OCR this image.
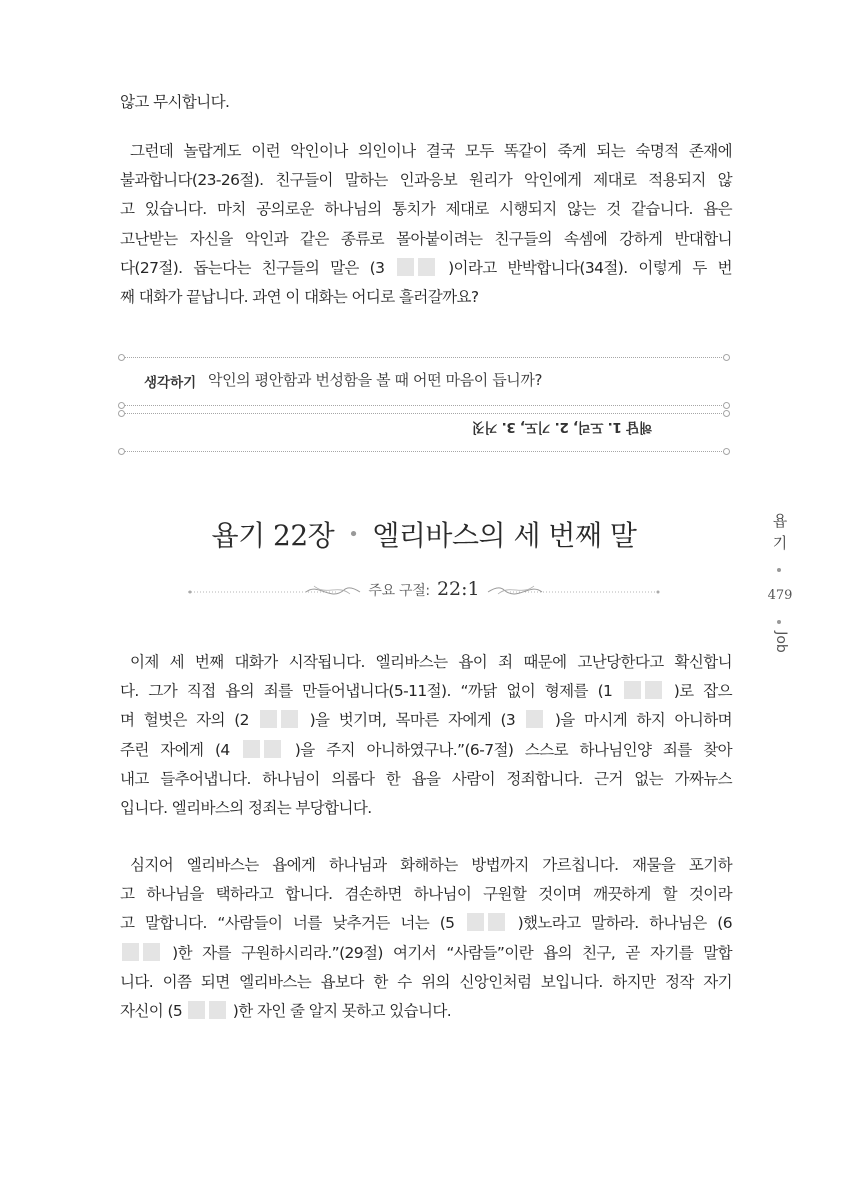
않고 무시합니다.
그런데 놀랍게도 이런 악인이나 의인이나 결국 모두 똑같이 죽게 되는 숙명적 존재에
불과합니다(23-26절). 친구들이 말하는 인과응보 원리가 악인에게 제대로 적용되지 않
고 있습니다. 마치 공의로운 하나님의 통치가 제대로 시행되지 않는 것 같습니다. 욥은
고난받는 자신을 악인과 같은 종류로 몰아붙이려는 친구들의 속셈에 강하게 반대합니
다(27절). 돕는다는 친구들의 말은 (3	)이라고 반박합니다(34절). 이렇게 두 번
째 대화가 끝납니다. 과연 이 대화는 어디로 흘러갈까요?
생각하기 악인의 평안함과 번성함을 볼 때 어떤 마음이 듭니까?
해답 1. 도리, 2. 기도, 3. 거짓
욥기 22장 • 엘리바스의 세 번째 말
주요 구절: 22:1
욥
기
479
Job
이제 세 번째 대화가 시작됩니다. 엘리바스는 욥이 죄 때문에 고난당한다고 확신합니
다. 그가 직접 욥의 죄를 만들어냅니다(5-11절). “까닭 없이 형제를 (1	)로 잡으
며 헐벗은 자의 (2	)을 벗기며, 목마른 자에게 (3  )을 마시게 하지 아니하며
주린 자에게 (4	)을 주지 아니하였구나.”(6-7절) 스스로 하나님인양 죄를 찾아
내고 들추어냅니다. 하나님이 의롭다 한 욥을 사람이 정죄합니다. 근거 없는 가짜뉴스
입니다. 엘리바스의 정죄는 부당합니다.
심지어 엘리바스는 욥에게 하나님과 화해하는 방법까지 가르칩니다. 재물을 포기하
고 하나님을 택하라고 합니다. 겸손하면 하나님이 구원할 것이며 깨끗하게 할 것이라
고 말합니다. “사람들이 너를 낮추거든 너는 (5	)했노라고 말하라. 하나님은 (6
)한 자를 구원하시리라.”(29절) 여기서 “사람들”이란 욥의 친구, 곧 자기를 말합
니다. 이쯤 되면 엘리바스는 욥보다 한 수 위의 신앙인처럼 보입니다. 하지만 정작 자기
자신이 (5	)한 자인 줄 알지 못하고 있습니다.
